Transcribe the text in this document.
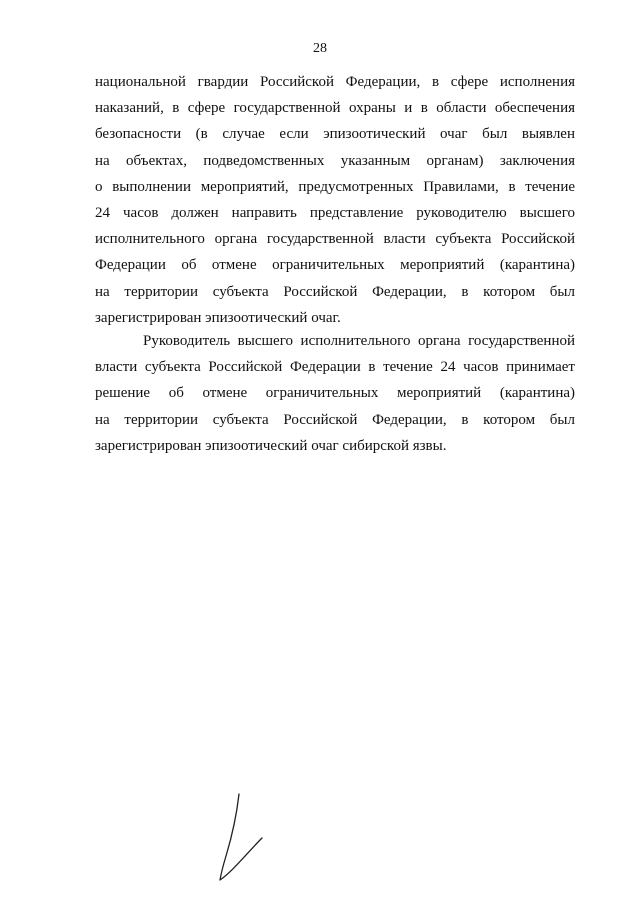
28
национальной гвардии Российской Федерации, в сфере исполнения
наказаний, в сфере государственной охраны и в области обеспечения
безопасности (в случае если эпизоотический очаг был выявлен
на объектах, подведомственных указанным органам) заключения
о выполнении мероприятий, предусмотренных Правилами, в течение
24 часов должен направить представление руководителю высшего
исполнительного органа государственной власти субъекта Российской
Федерации об отмене ограничительных мероприятий (карантина)
на территории субъекта Российской Федерации, в котором был
зарегистрирован эпизоотический очаг.
Руководитель высшего исполнительного органа государственной
власти субъекта Российской Федерации в течение 24 часов принимает
решение об отмене ограничительных мероприятий (карантина)
на территории субъекта Российской Федерации, в котором был
зарегистрирован эпизоотический очаг сибирской язвы.
